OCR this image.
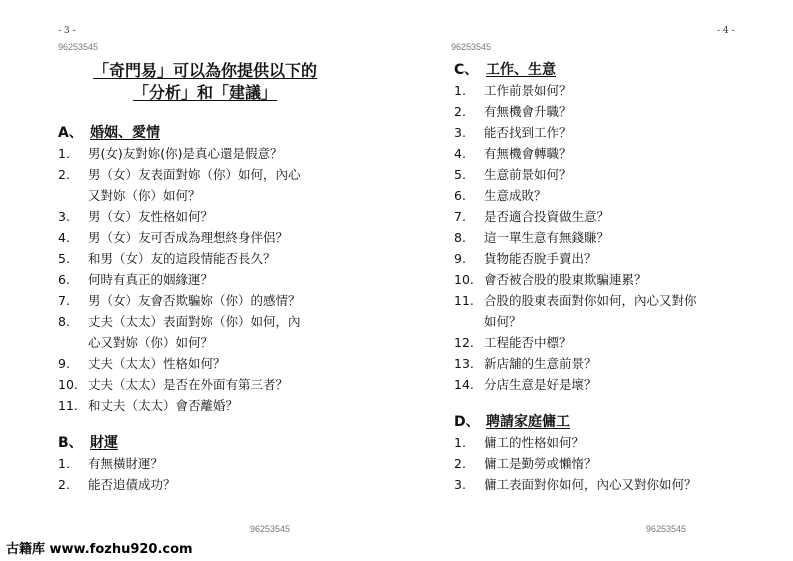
- 3 -
96253545
「奇門易」可以為你提供以下的
「分析」和「建議」
A、 婚姻、愛情
1.	男(女)友對妳(你)是真心還是假意？
2.	男（女）友表面對妳（你）如何，內心
又對妳（你）如何？
3.	男（女）友性格如何？
4.	男（女）友可否成為理想終身伴侶？
5.	和男（女）友的這段情能否長久？
6.	何時有真正的姻緣運？
7.	男（女）友會否欺騙妳（你）的感情？
8.	丈夫（太太）表面對妳（你）如何，內
心又對妳（你）如何？
9.	丈夫（太太）性格如何？
10. 丈夫（太太）是否在外面有第三者？
11. 和丈夫（太太）會否離婚？
B、 財運
1.	有無橫財運？
2.	能否追債成功？
96253545
- 4 -
96253545
C、 工作、生意
1.	工作前景如何？
2.	有無機會升職？
3.	能否找到工作？
4.	有無機會轉職？
5.	生意前景如何？
6.	生意成敗？
7.	是否適合投資做生意？
8.	這一單生意有無錢賺？
9.	貨物能否脫手賣出？
10. 會否被合股的股東欺騙連累？
11. 合股的股東表面對你如何，內心又對你
如何？
12. 工程能否中標？
13. 新店舖的生意前景？
14. 分店生意是好是壞？
D、 聘請家庭傭工
1.	傭工的性格如何？
2.	傭工是勤勞或懶惰？
3.	傭工表面對你如何，內心又對你如何？
96253545
古籍库 www.fozhu920.com
